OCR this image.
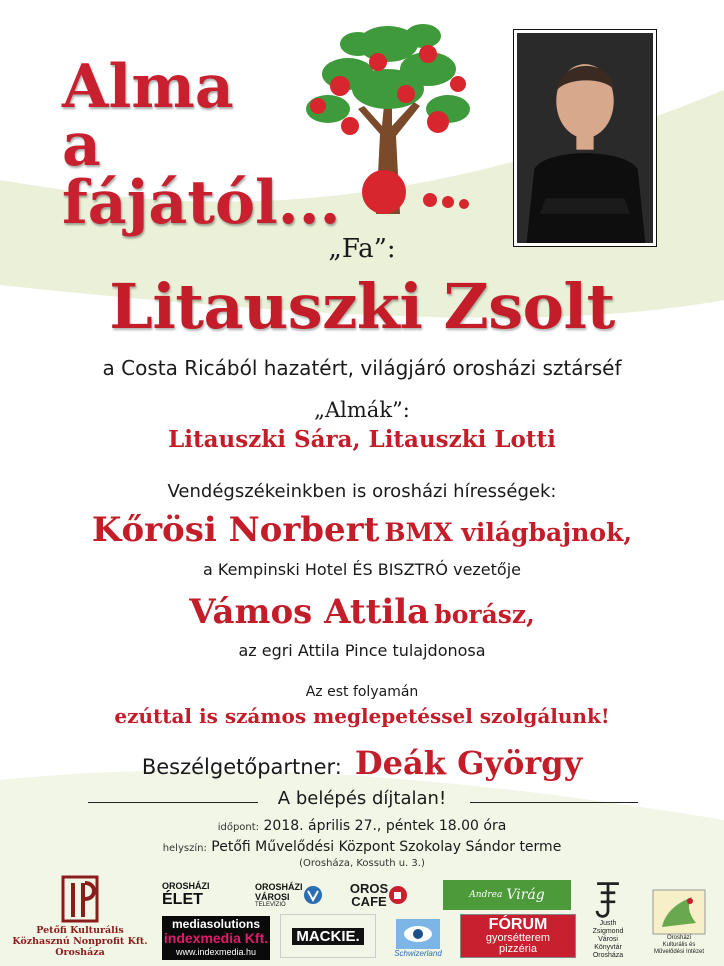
Alma
a fájától...
„Fa”:
Litauszki Zsolt
a Costa Ricából hazatért, világjáró orosházi sztárséf
„Almák”:
Litauszki Sára, Litauszki Lotti
Vendégszékeinkben is orosházi hírességek:
Kőrösi Norbert BMX világbajnok,
a Kempinski Hotel ÉS BISZTRÓ vezetője
Vámos Attila borász,
az egri Attila Pince tulajdonosa
Az est folyamán
ezúttal is számos meglepetéssel szolgálunk!
Beszélgetőpartner: Deák György
A belépés díjtalan!
időpont: 2018. április 27., péntek 18.00 óra
helyszín: Petőfi Művelődési Központ Szokolay Sándor terme
(Orosháza, Kossuth u. 3.)
Petőfi Kulturális
Közhasznú Nonprofit Kft.
Orosháza
OROSHÁZI
ÉLET
OROSHÁZI
VÁROSI
TELEVÍZIÓ
OROS
CAFE	Andrea Virág
Justh Zsigmond
Városi Könyvtár
Orosháza
Orosházi
Kulturális és
Művelődési Intézet
mediasolutions
indexmedia Kft.
www.indexmedia.hu
MACKIE.
Schwizerland
FÓRUM
gyorsétterem
pizzéria
